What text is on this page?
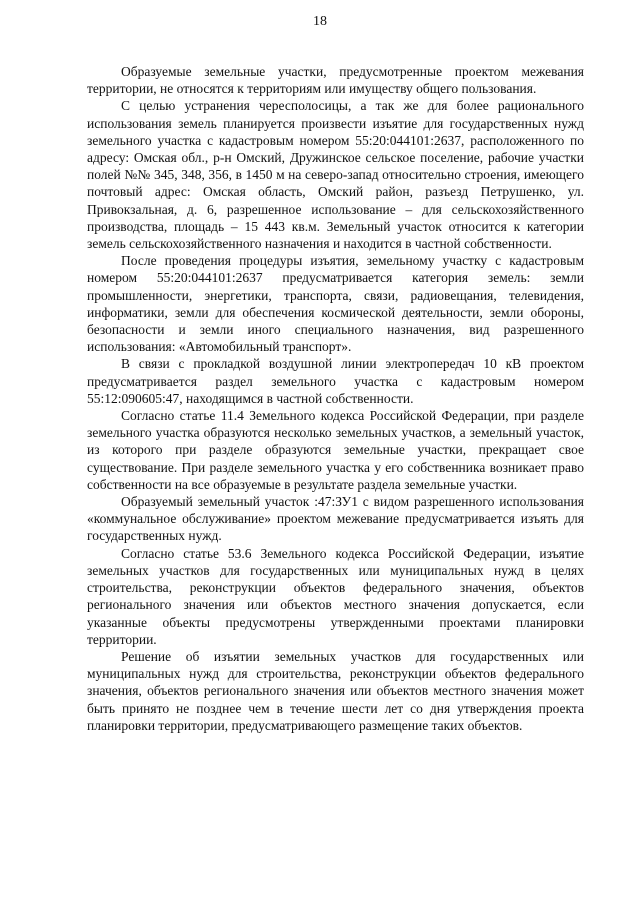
18

Образуемые земельные участки, предусмотренные проектом межевания территории, не относятся к территориям или имуществу общего пользования.

С целью устранения чересполосицы, а так же для более рационального использования земель планируется произвести изъятие для государственных нужд земельного участка с кадастровым номером 55:20:044101:2637, расположенного по адресу: Омская обл., р-н Омский, Дружинское сельское поселение, рабочие участки полей №№ 345, 348, 356, в 1450 м на северо-запад относительно строения, имеющего почтовый адрес: Омская область, Омский район, разъезд Петрушенко, ул. Привокзальная, д. 6, разрешенное использование – для сельскохозяйственного производства, площадь – 15 443 кв.м. Земельный участок относится к категории земель сельскохозяйственного назначения и находится в частной собственности.

После проведения процедуры изъятия, земельному участку с кадастровым номером 55:20:044101:2637 предусматривается категория земель: земли промышленности, энергетики, транспорта, связи, радиовещания, телевидения, информатики, земли для обеспечения космической деятельности, земли обороны, безопасности и земли иного специального назначения, вид разрешенного использования: «Автомобильный транспорт».

В связи с прокладкой воздушной линии электропередач 10 кВ проектом предусматривается раздел земельного участка с кадастровым номером 55:12:090605:47, находящимся в частной собственности.

Согласно статье 11.4 Земельного кодекса Российской Федерации, при разделе земельного участка образуются несколько земельных участков, а земельный участок, из которого при разделе образуются земельные участки, прекращает свое существование. При разделе земельного участка у его собственника возникает право собственности на все образуемые в результате раздела земельные участки.

Образуемый земельный участок :47:ЗУ1 с видом разрешенного использования «коммунальное обслуживание» проектом межевание предусматривается изъять для государственных нужд.

Согласно статье 53.6 Земельного кодекса Российской Федерации, изъятие земельных участков для государственных или муниципальных нужд в целях строительства, реконструкции объектов федерального значения, объектов регионального значения или объектов местного значения допускается, если указанные объекты предусмотрены утвержденными проектами планировки территории.

Решение об изъятии земельных участков для государственных или муниципальных нужд для строительства, реконструкции объектов федерального значения, объектов регионального значения или объектов местного значения может быть принято не позднее чем в течение шести лет со дня утверждения проекта планировки территории, предусматривающего размещение таких объектов.
